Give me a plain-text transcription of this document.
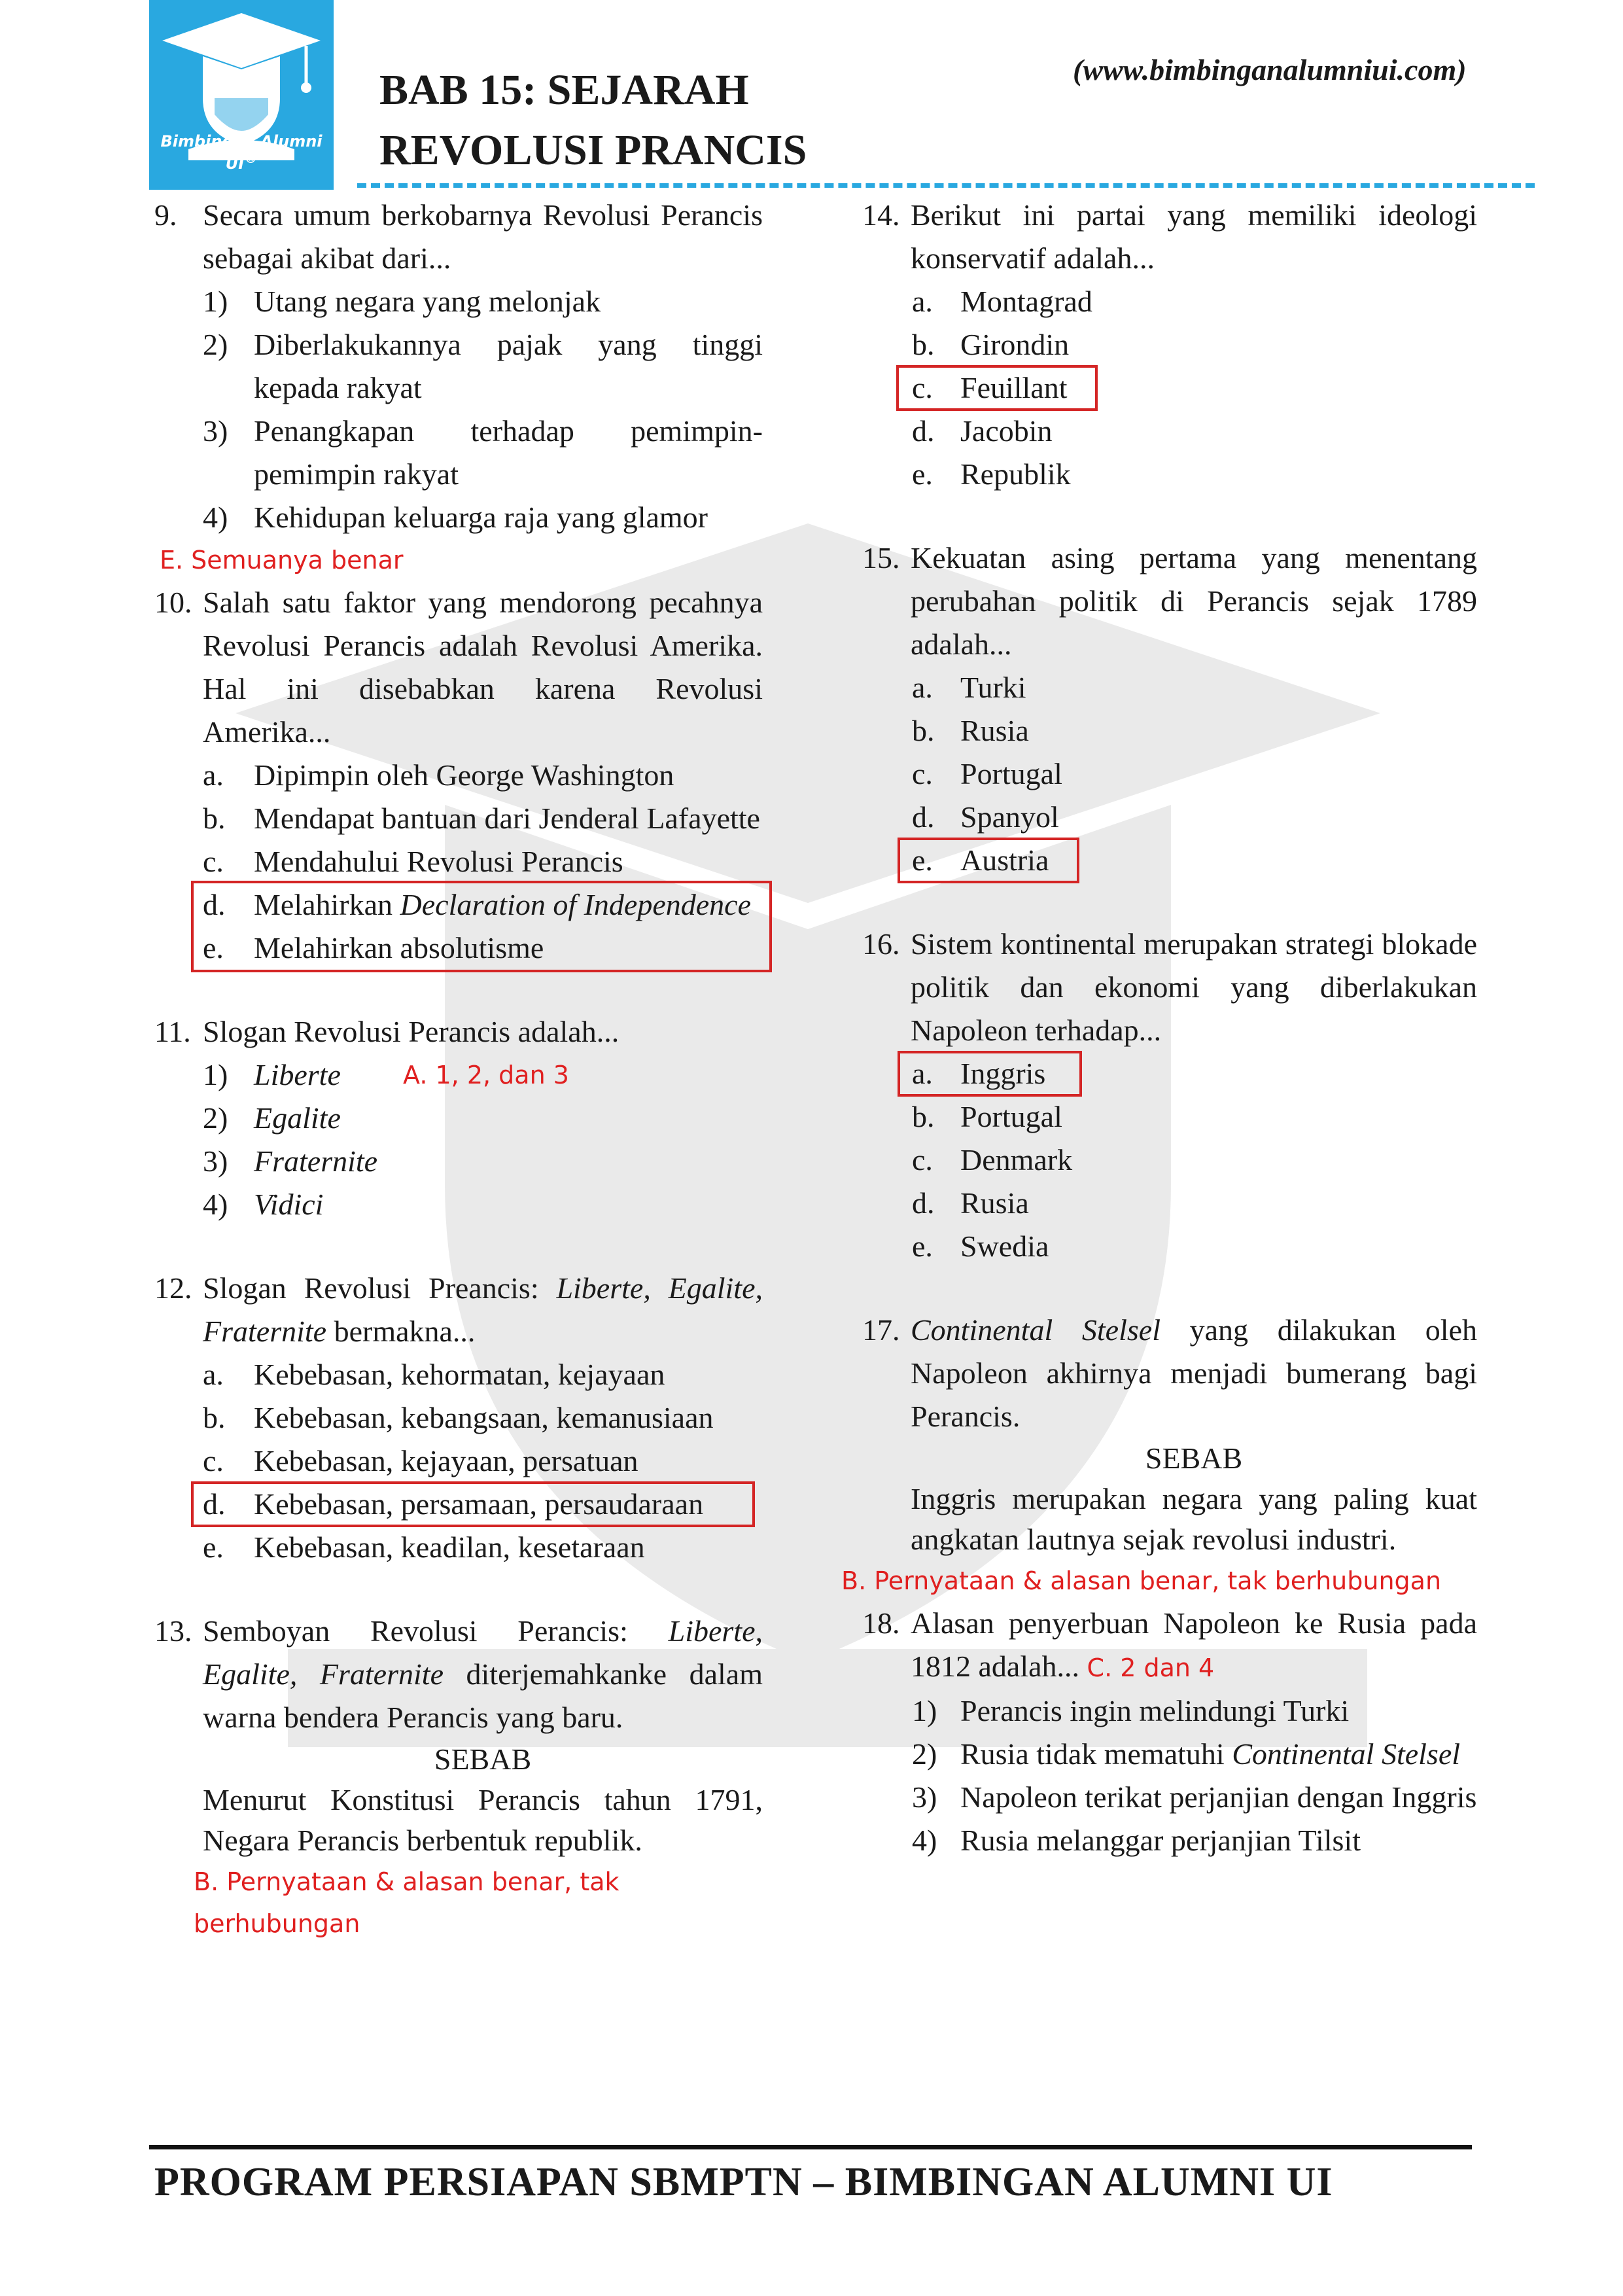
Bimbingan Alumni UI®
BAB 15: SEJARAH
REVOLUSI PRANCIS
(www.bimbinganalumniui.com)
9. Secara umum berkobarnya Revolusi Perancis sebagai akibat dari...
1) Utang negara yang melonjak
2) Diberlakukannya pajak yang tinggi kepada rakyat
3) Penangkapan terhadap pemimpin-pemimpin rakyat
4) Kehidupan keluarga raja yang glamor
E. Semuanya benar
10. Salah satu faktor yang mendorong pecahnya Revolusi Perancis adalah Revolusi Amerika. Hal ini disebabkan karena Revolusi Amerika...
a. Dipimpin oleh George Washington
b. Mendapat bantuan dari Jenderal Lafayette
c. Mendahului Revolusi Perancis
d. Melahirkan Declaration of Independence
e. Melahirkan absolutisme
11. Slogan Revolusi Perancis adalah...
1) Liberte	A. 1, 2, dan 3
2) Egalite
3) Fraternite
4) Vidici
12. Slogan Revolusi Preancis: Liberte, Egalite, Fraternite bermakna...
a. Kebebasan, kehormatan, kejayaan
b. Kebebasan, kebangsaan, kemanusiaan
c. Kebebasan, kejayaan, persatuan
d. Kebebasan, persamaan, persaudaraan
e. Kebebasan, keadilan, kesetaraan
13. Semboyan Revolusi Perancis: Liberte, Egalite, Fraternite diterjemahkanke dalam warna bendera Perancis yang baru.
SEBAB
Menurut Konstitusi Perancis tahun 1791, Negara Perancis berbentuk republik.
B. Pernyataan & alasan benar, tak berhubungan
14. Berikut ini partai yang memiliki ideologi konservatif adalah...
a. Montagrad
b. Girondin
c. Feuillant
d. Jacobin
e. Republik
15. Kekuatan asing pertama yang menentang perubahan politik di Perancis sejak 1789 adalah...
a. Turki
b. Rusia
c. Portugal
d. Spanyol
e. Austria
16. Sistem kontinental merupakan strategi blokade politik dan ekonomi yang diberlakukan Napoleon terhadap...
a. Inggris
b. Portugal
c. Denmark
d. Rusia
e. Swedia
17. Continental Stelsel yang dilakukan oleh Napoleon akhirnya menjadi bumerang bagi Perancis.
SEBAB
Inggris merupakan negara yang paling kuat angkatan lautnya sejak revolusi industri.
B. Pernyataan & alasan benar, tak berhubungan
18. Alasan penyerbuan Napoleon ke Rusia pada 1812 adalah... C. 2 dan 4
1) Perancis ingin melindungi Turki
2) Rusia tidak mematuhi Continental Stelsel
3) Napoleon terikat perjanjian dengan Inggris
4) Rusia melanggar perjanjian Tilsit
PROGRAM PERSIAPAN SBMPTN – BIMBINGAN ALUMNI UI
